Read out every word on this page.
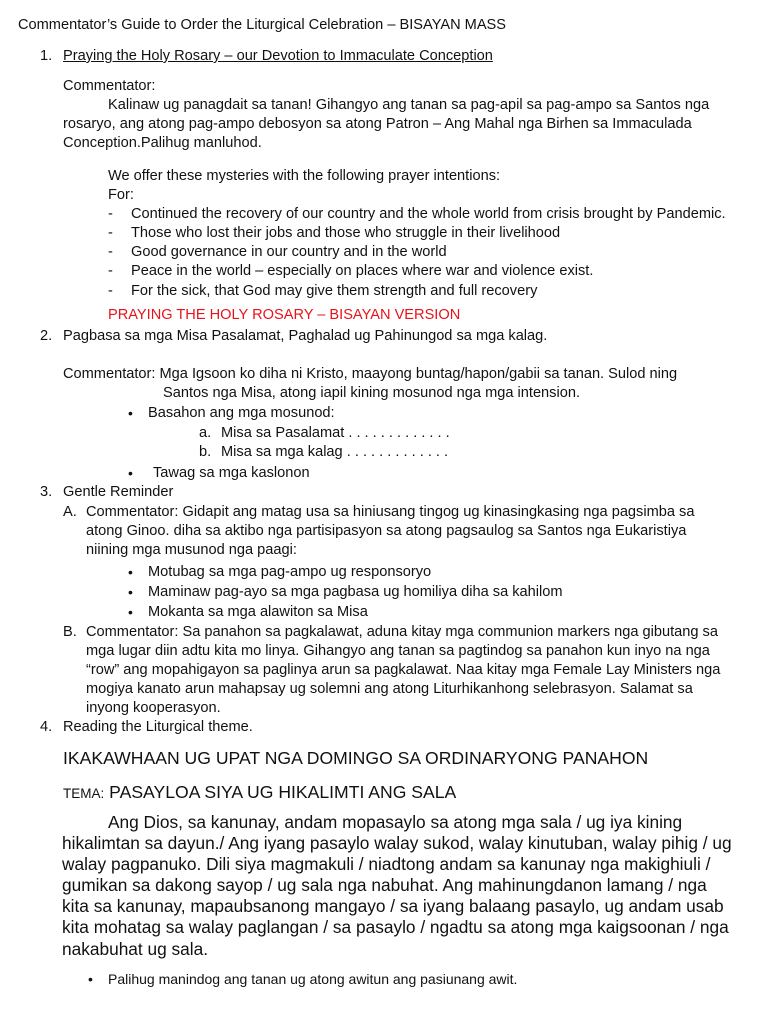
Commentator’s Guide to Order the Liturgical Celebration – BISAYAN MASS
1. Praying the Holy Rosary – our Devotion to Immaculate Conception
Commentator:
Kalinaw ug panagdait sa tanan! Gihangyo ang tanan sa pag-apil sa pag-ampo sa Santos nga
rosaryo, ang atong pag-ampo debosyon sa atong Patron – Ang Mahal nga Birhen sa Immaculada
Conception.Palihug manluhod.
We offer these mysteries with the following prayer intentions:
For:
- Continued the recovery of our country and the whole world from crisis brought by Pandemic.
- Those who lost their jobs and those who struggle in their livelihood
- Good governance in our country and in the world
- Peace in the world – especially on places where war and violence exist.
- For the sick, that God may give them strength and full recovery
PRAYING THE HOLY ROSARY – BISAYAN VERSION
2. Pagbasa sa mga Misa Pasalamat, Paghalad ug Pahinungod sa mga kalag.
Commentator: Mga Igsoon ko diha ni Kristo, maayong buntag/hapon/gabii sa tanan. Sulod ning
Santos nga Misa, atong iapil kining mosunod nga mga intension.
• Basahon ang mga mosunod:
a. Misa sa Pasalamat . . . . . . . . . . . . .
b. Misa sa mga kalag . . . . . . . . . . . . .
• Tawag sa mga kaslonon
3. Gentle Reminder
A. Commentator: Gidapit ang matag usa sa hiniusang tingog ug kinasingkasing nga pagsimba sa
atong Ginoo. diha sa aktibo nga partisipasyon sa atong pagsaulog sa Santos nga Eukaristiya
niining mga musunod nga paagi:
• Motubag sa mga pag-ampo ug responsoryo
• Maminaw pag-ayo sa mga pagbasa ug homiliya diha sa kahilom
• Mokanta sa mga alawiton sa Misa
B. Commentator: Sa panahon sa pagkalawat, aduna kitay mga communion markers nga gibutang sa
mga lugar diin adtu kita mo linya. Gihangyo ang tanan sa pagtindog sa panahon kun inyo na nga
“row” ang mopahigayon sa paglinya arun sa pagkalawat. Naa kitay mga Female Lay Ministers nga
mogiya kanato arun mahapsay ug solemni ang atong Liturhikanhong selebrasyon. Salamat sa
inyong kooperasyon.
4. Reading the Liturgical theme.
IKAKAWHAAN UG UPAT NGA DOMINGO SA ORDINARYONG PANAHON
TEMA: PASAYLOA SIYA UG HIKALIMTI ANG SALA
Ang Dios, sa kanunay, andam mopasaylo sa atong mga sala / ug iya kining
hikalimtan sa dayun./ Ang iyang pasaylo walay sukod, walay kinutuban, walay pihig / ug
walay pagpanuko. Dili siya magmakuli / niadtong andam sa kanunay nga makighiuli /
gumikan sa dakong sayop / ug sala nga nabuhat. Ang mahinungdanon lamang / nga
kita sa kanunay, mapaubsanong mangayo / sa iyang balaang pasaylo, ug andam usab
kita mohatag sa walay paglangan / sa pasaylo / ngadtu sa atong mga kaigsoonan / nga
nakabuhat ug sala.
• Palihug manindog ang tanan ug atong awitun ang pasiunang awit.
